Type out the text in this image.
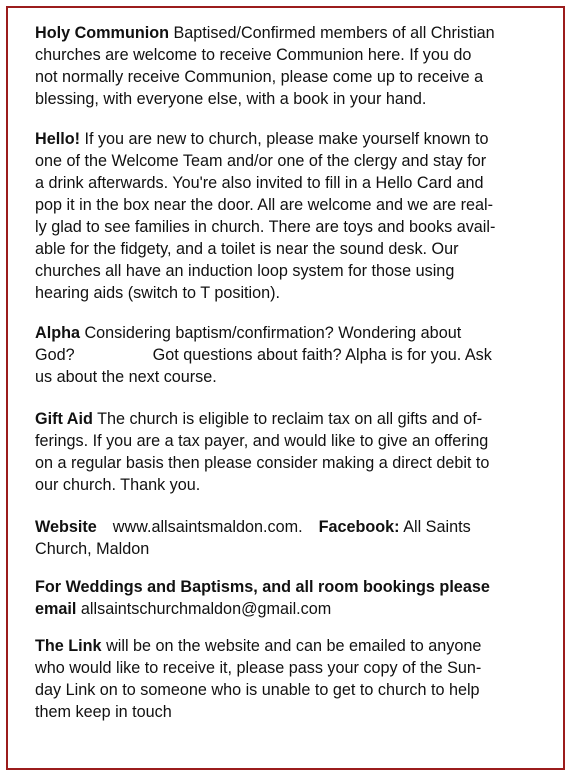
Holy Communion Baptised/Confirmed members of all Christian
churches are welcome to receive Communion here. If you do
not normally receive Communion, please come up to receive a
blessing, with everyone else, with a book in your hand.
Hello! If you are new to church, please make yourself known to
one of the Welcome Team and/or one of the clergy and stay for
a drink afterwards. You're also invited to fill in a Hello Card and
pop it in the box near the door. All are welcome and we are real-
ly glad to see families in church. There are toys and books avail-
able for the fidgety, and a toilet is near the sound desk. Our
churches all have an induction loop system for those using
hearing aids (switch to T position).
Alpha Considering baptism/confirmation? Wondering about
God?	Got questions about faith? Alpha is for you. Ask
us about the next course.
Gift Aid The church is eligible to reclaim tax on all gifts and of-
ferings. If you are a tax payer, and would like to give an offering
on a regular basis then please consider making a direct debit to
our church. Thank you.
Website www.allsaintsmaldon.com. Facebook: All Saints
Church, Maldon
For Weddings and Baptisms, and all room bookings please
email allsaintschurchmaldon@gmail.com
The Link will be on the website and can be emailed to anyone
who would like to receive it, please pass your copy of the Sun-
day Link on to someone who is unable to get to church to help
them keep in touch
